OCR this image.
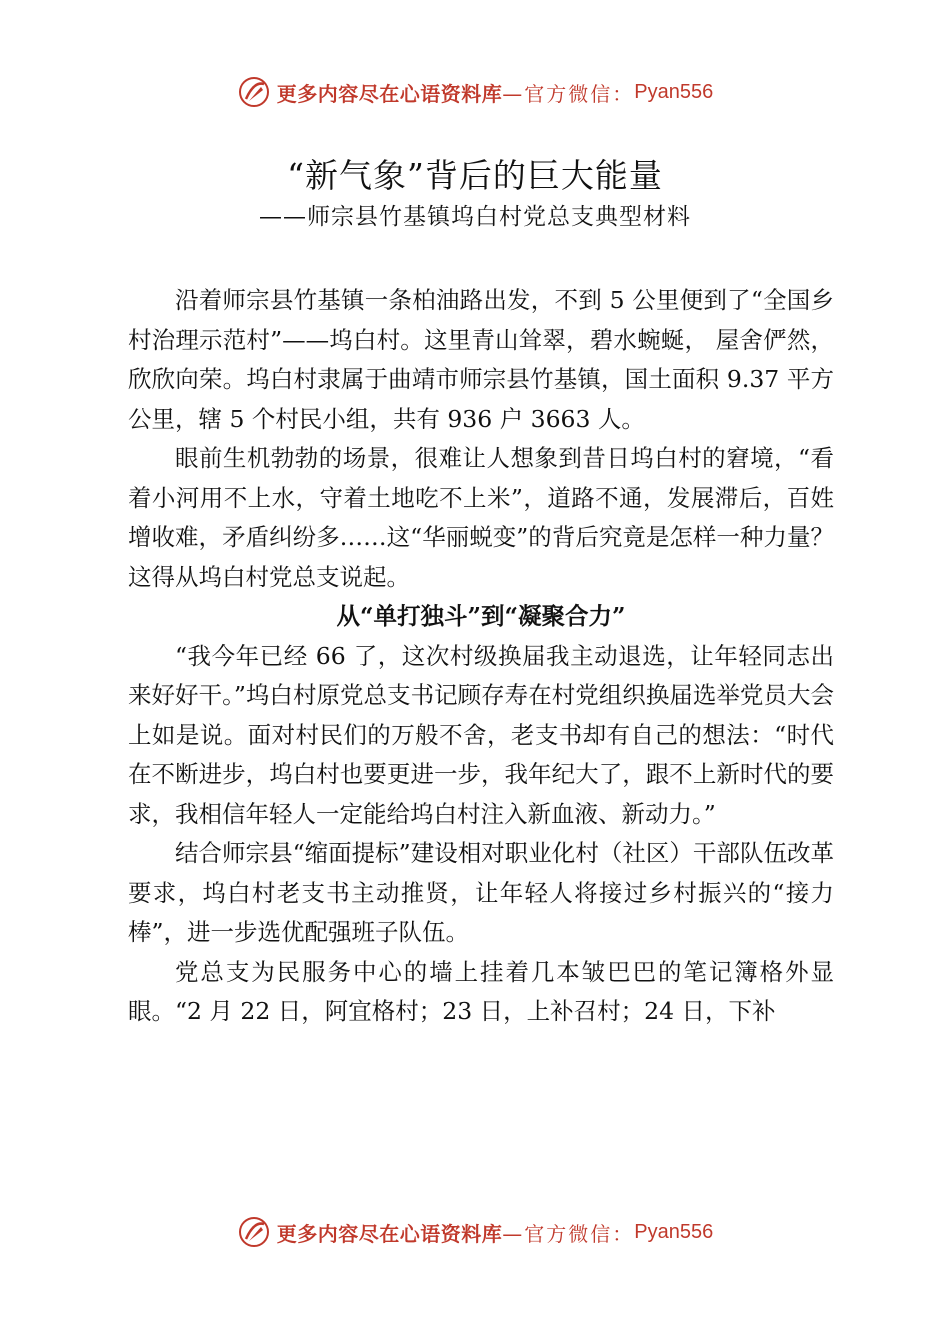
更多内容尽在心语资料库 —官方微信： Pyan556
“新气象”背后的巨大能量
——师宗县竹基镇坞白村党总支典型材料

沿着师宗县竹基镇一条柏油路出发，不到 5 公里便到了“全国乡村治理示范村”——坞白村。这里青山耸翠，碧水蜿蜒， 屋舍俨然，欣欣向荣。坞白村隶属于曲靖市师宗县竹基镇，国土面积 9.37 平方公里，辖 5 个村民小组，共有 936 户 3663 人。

眼前生机勃勃的场景，很难让人想象到昔日坞白村的窘境，“看着小河用不上水，守着土地吃不上米”，道路不通，发展滞后，百姓增收难，矛盾纠纷多……这“华丽蜕变”的背后究竟是怎样一种力量？这得从坞白村党总支说起。

从“单打独斗”到“凝聚合力”

“我今年已经 66 了，这次村级换届我主动退选，让年轻同志出来好好干。”坞白村原党总支书记顾存寿在村党组织换届选举党员大会上如是说。面对村民们的万般不舍，老支书却有自己的想法：“时代在不断进步，坞白村也要更进一步，我年纪大了，跟不上新时代的要求，我相信年轻人一定能给坞白村注入新血液、新动力。”

结合师宗县“缩面提标”建设相对职业化村（社区）干部队伍改革要求，坞白村老支书主动推贤，让年轻人将接过乡村振兴的“接力棒”，进一步选优配强班子队伍。

党总支为民服务中心的墙上挂着几本皱巴巴的笔记簿格外显眼。“2 月 22 日，阿宜格村；23 日，上补召村；24 日，下补

更多内容尽在心语资料库 —官方微信： Pyan556
